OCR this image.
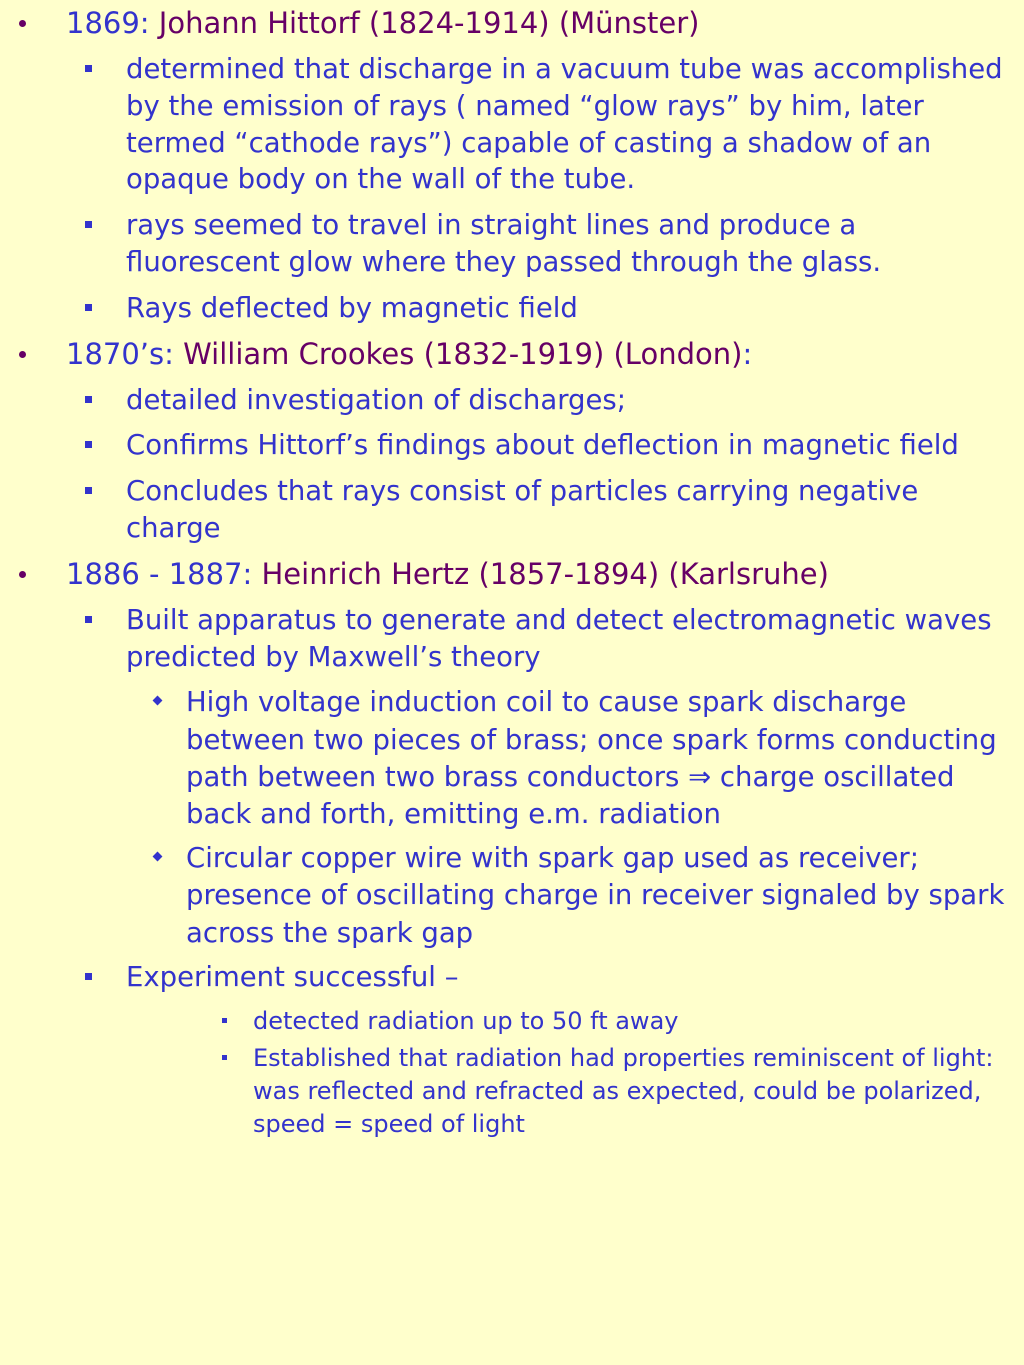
1869: Johann Hittorf (1824-1914) (Münster)
determined that discharge in a vacuum tube was accomplished by the emission of rays ( named “glow rays” by him, later termed “cathode rays”) capable of casting a shadow of an opaque body on the wall of the tube.
rays seemed to travel in straight lines and produce a fluorescent glow where they passed through the glass.
Rays deflected by magnetic field
1870’s: William Crookes (1832-1919) (London):
detailed investigation of discharges;
Confirms Hittorf’s findings about deflection in magnetic field
Concludes that rays consist of particles carrying negative charge
1886 - 1887: Heinrich Hertz (1857-1894) (Karlsruhe)
Built apparatus to generate and detect electromagnetic waves predicted by Maxwell’s theory
High voltage induction coil to cause spark discharge between two pieces of brass; once spark forms conducting path between two brass conductors ⇒ charge oscillated back and forth, emitting e.m. radiation
Circular copper wire with spark gap used as receiver; presence of oscillating charge in receiver signaled by spark across the spark gap
Experiment successful –
detected radiation up to 50 ft away
Established that radiation had properties reminiscent of light: was reflected and refracted as expected, could be polarized, speed = speed of light
